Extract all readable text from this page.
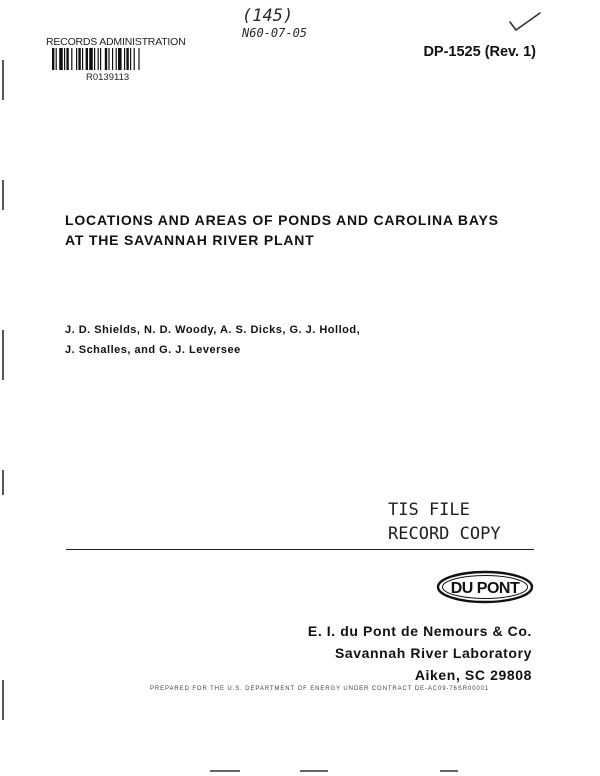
RECORDS ADMINISTRATION
R0139113
(145)
N60-07-05
DP-1525 (Rev. 1)
LOCATIONS AND AREAS OF PONDS AND CAROLINA BAYS
AT THE SAVANNAH RIVER PLANT
J. D. Shields, N. D. Woody, A. S. Dicks, G. J. Hollod,
J. Schalles, and G. J. Leversee
TIS FILE
RECORD COPY
DU PONT
E. I. du Pont de Nemours & Co.
Savannah River Laboratory
Aiken, SC 29808
PREPARED FOR THE U.S. DEPARTMENT OF ENERGY UNDER CONTRACT DE-AC09-76SR00001
